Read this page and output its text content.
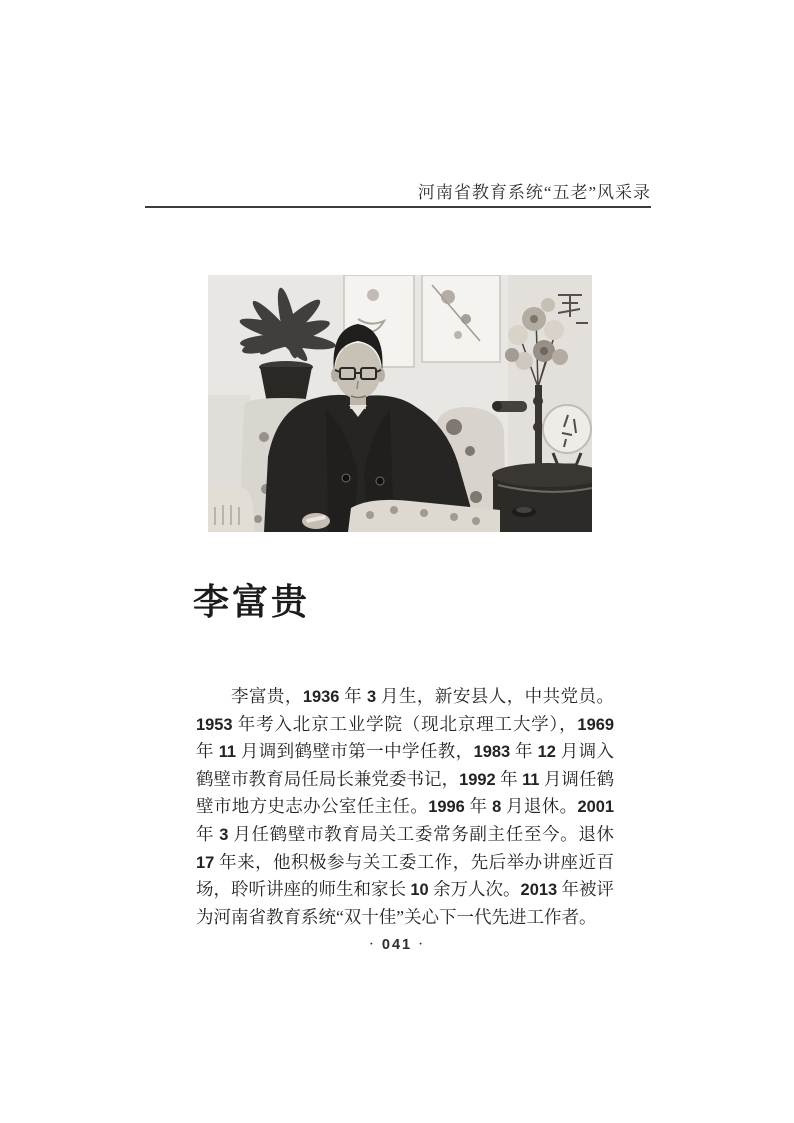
河南省教育系统“五老”风采录
李富贵

李富贵，1936 年 3 月生，新安县人，中共党员。1953 年考入北京工业学院（现北京理工大学），1969 年 11 月调到鹤壁市第一中学任教，1983 年 12 月调入鹤壁市教育局任局长兼党委书记，1992 年 11 月调任鹤壁市地方史志办公室任主任。1996 年 8 月退休。2001 年 3 月任鹤壁市教育局关工委常务副主任至今。退休 17 年来，他积极参与关工委工作，先后举办讲座近百场，聆听讲座的师生和家长 10 余万人次。2013 年被评为河南省教育系统“双十佳”关心下一代先进工作者。

· 041 ·
